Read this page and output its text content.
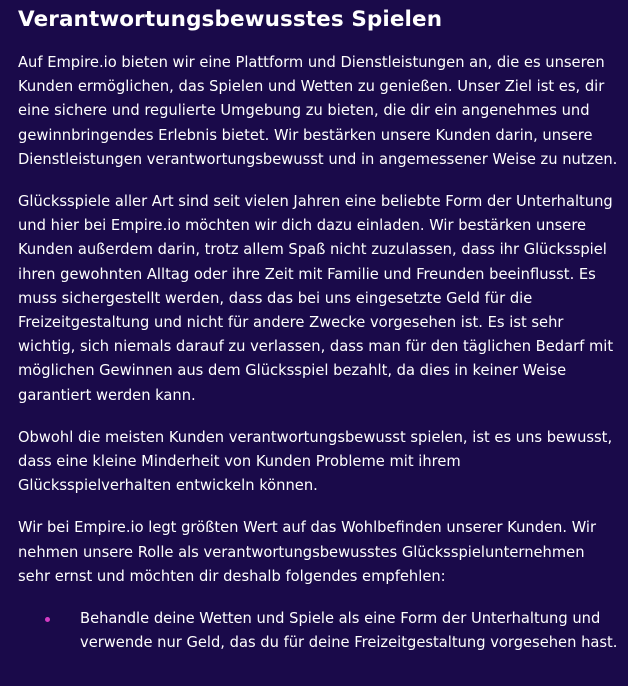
Verantwortungsbewusstes Spielen

Auf Empire.io bieten wir eine Plattform und Dienstleistungen an, die es unseren Kunden ermöglichen, das Spielen und Wetten zu genießen. Unser Ziel ist es, dir eine sichere und regulierte Umgebung zu bieten, die dir ein angenehmes und gewinnbringendes Erlebnis bietet. Wir bestärken unsere Kunden darin, unsere Dienstleistungen verantwortungsbewusst und in angemessener Weise zu nutzen.

Glücksspiele aller Art sind seit vielen Jahren eine beliebte Form der Unterhaltung und hier bei Empire.io möchten wir dich dazu einladen. Wir bestärken unsere Kunden außerdem darin, trotz allem Spaß nicht zuzulassen, dass ihr Glücksspiel ihren gewohnten Alltag oder ihre Zeit mit Familie und Freunden beeinflusst. Es muss sichergestellt werden, dass das bei uns eingesetzte Geld für die Freizeitgestaltung und nicht für andere Zwecke vorgesehen ist. Es ist sehr wichtig, sich niemals darauf zu verlassen, dass man für den täglichen Bedarf mit möglichen Gewinnen aus dem Glücksspiel bezahlt, da dies in keiner Weise garantiert werden kann.

Obwohl die meisten Kunden verantwortungsbewusst spielen, ist es uns bewusst, dass eine kleine Minderheit von Kunden Probleme mit ihrem Glücksspielverhalten entwickeln können.

Wir bei Empire.io legt größten Wert auf das Wohlbefinden unserer Kunden. Wir nehmen unsere Rolle als verantwortungsbewusstes Glücksspielunternehmen sehr ernst und möchten dir deshalb folgendes empfehlen:

Behandle deine Wetten und Spiele als eine Form der Unterhaltung und verwende nur Geld, das du für deine Freizeitgestaltung vorgesehen hast.
